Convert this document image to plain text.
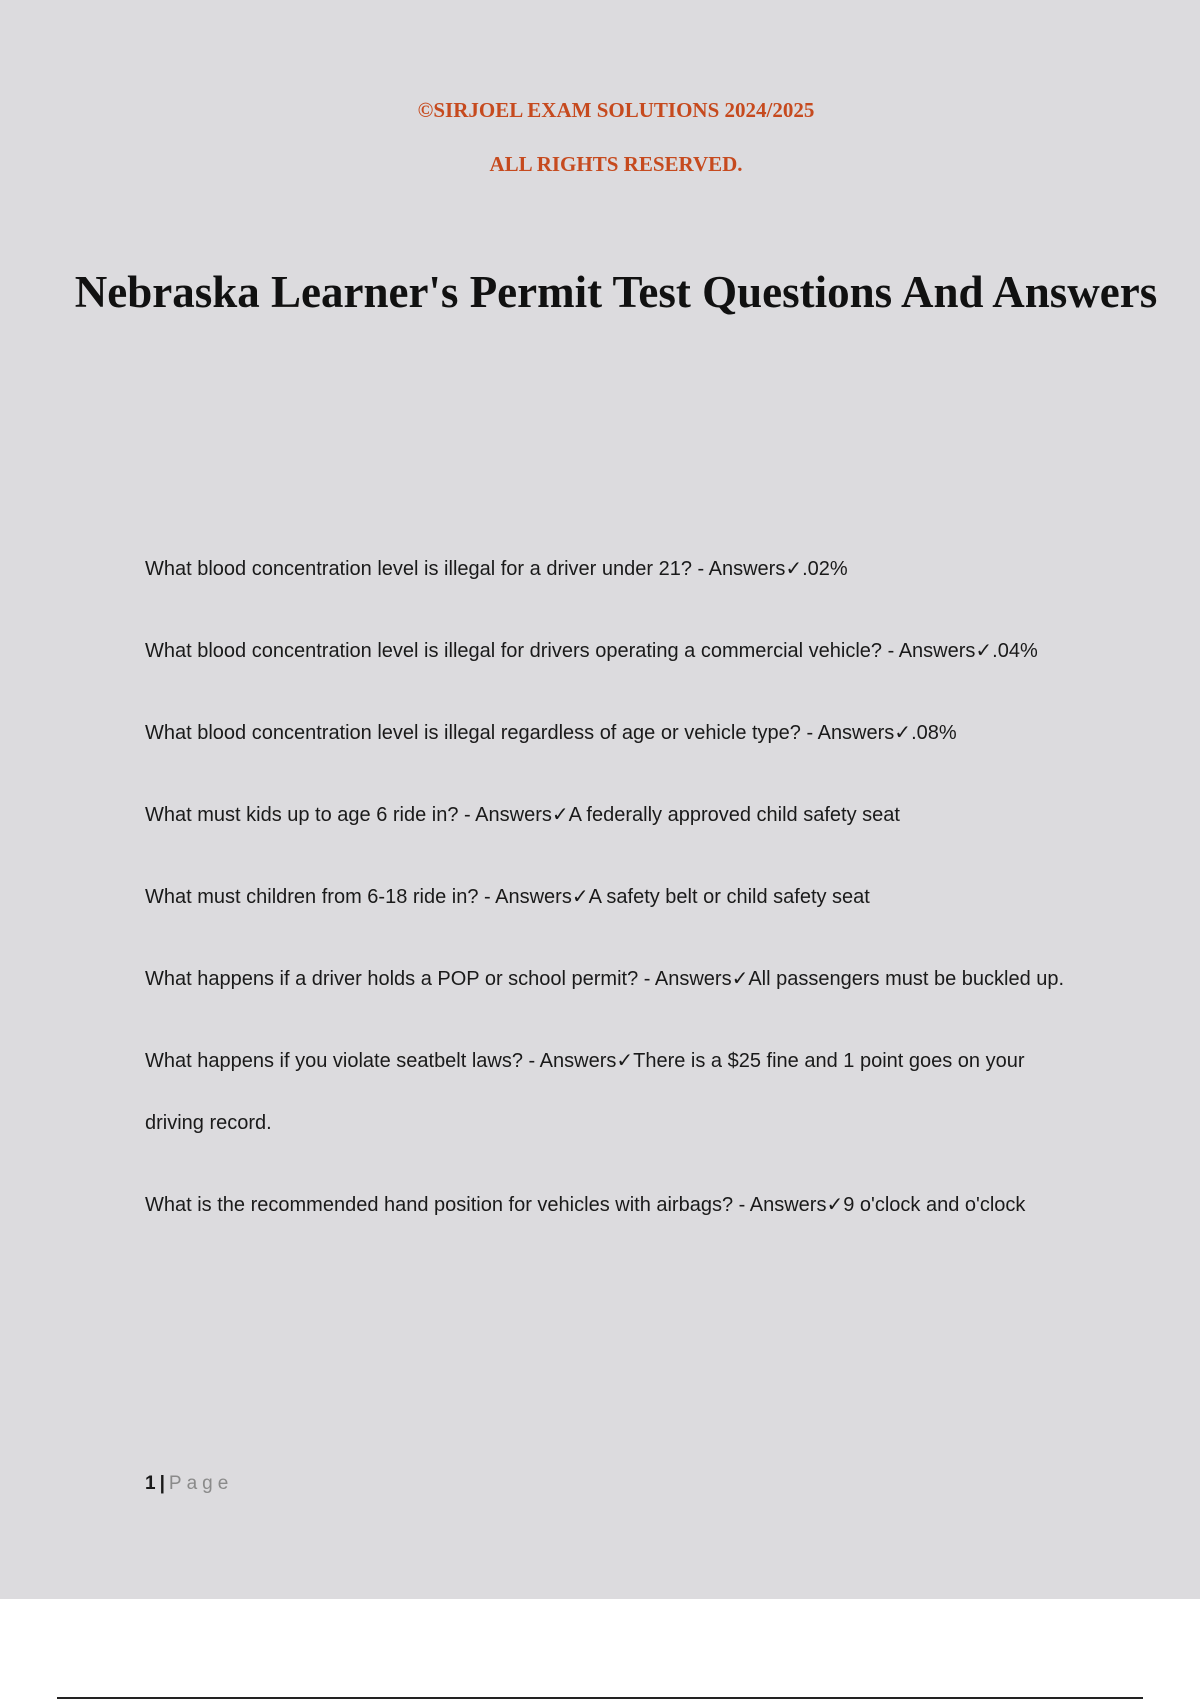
©SIRJOEL EXAM SOLUTIONS 2024/2025

ALL RIGHTS RESERVED.

Nebraska Learner's Permit Test Questions And Answers
What blood concentration level is illegal for a driver under 21? - Answers✓.02%
What blood concentration level is illegal for drivers operating a commercial vehicle? - Answers✓.04%
What blood concentration level is illegal regardless of age or vehicle type? - Answers✓.08%
What must kids up to age 6 ride in? - Answers✓A federally approved child safety seat
What must children from 6-18 ride in? - Answers✓A safety belt or child safety seat
What happens if a driver holds a POP or school permit? - Answers✓All passengers must be buckled up.
What happens if you violate seatbelt laws? - Answers✓There is a $25 fine and 1 point goes on your driving record.
What is the recommended hand position for vehicles with airbags? - Answers✓9 o'clock and o'clock
1 | Page
